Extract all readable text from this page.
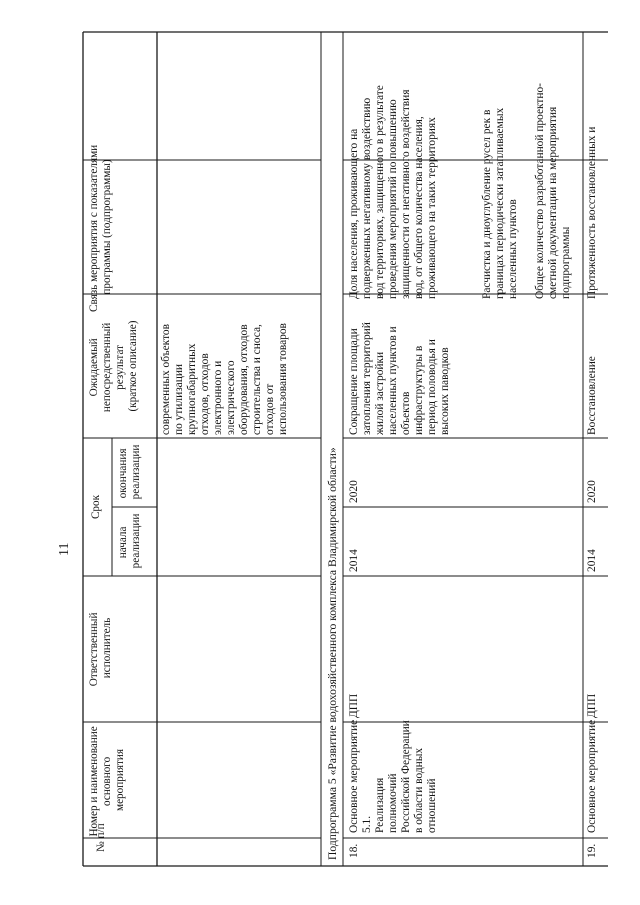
11
№ п/п
Номер и наименование основного мероприятия
Ответственный исполнитель
Срок
начала реализации
окончания реализации
Ожидаемый непосредственный результат (краткое описание)
Связь мероприятия с показателями программы (подпрограммы)
современных объектов по утилизации крупногабаритных отходов, отходов электронного и электрического оборудования, отходов строительства и сноса, отходов от использования товаров
Подпрограмма 5 «Развитие водохозяйственного комплекса Владимирской области» 18.
Основное мероприятие 5.1. Реализация полномочий Российской Федерации в области водных отношений
ДПП
2014
2020
Сокращение площади затопления территорий жилой застройки населенных пунктов и объектов инфраструктуры в период половодья и высоких паводков
Доля населения, проживающего на подверженных негативному воздействию вод территориях, защищенного в результате проведения мероприятий по повышению защищенности от негативного воздействия вод, от общего количества населения, проживающего на таких территориях	Расчистка и дноуглубление русел рек в границах периодически затапливаемых населенных пунктов Общее количество разработанной проектно- сметной документации на мероприятия подпрограммы
19.
Основное мероприятие
ДПП
2014
2020
Восстановление
Протяженность восстановленных и
